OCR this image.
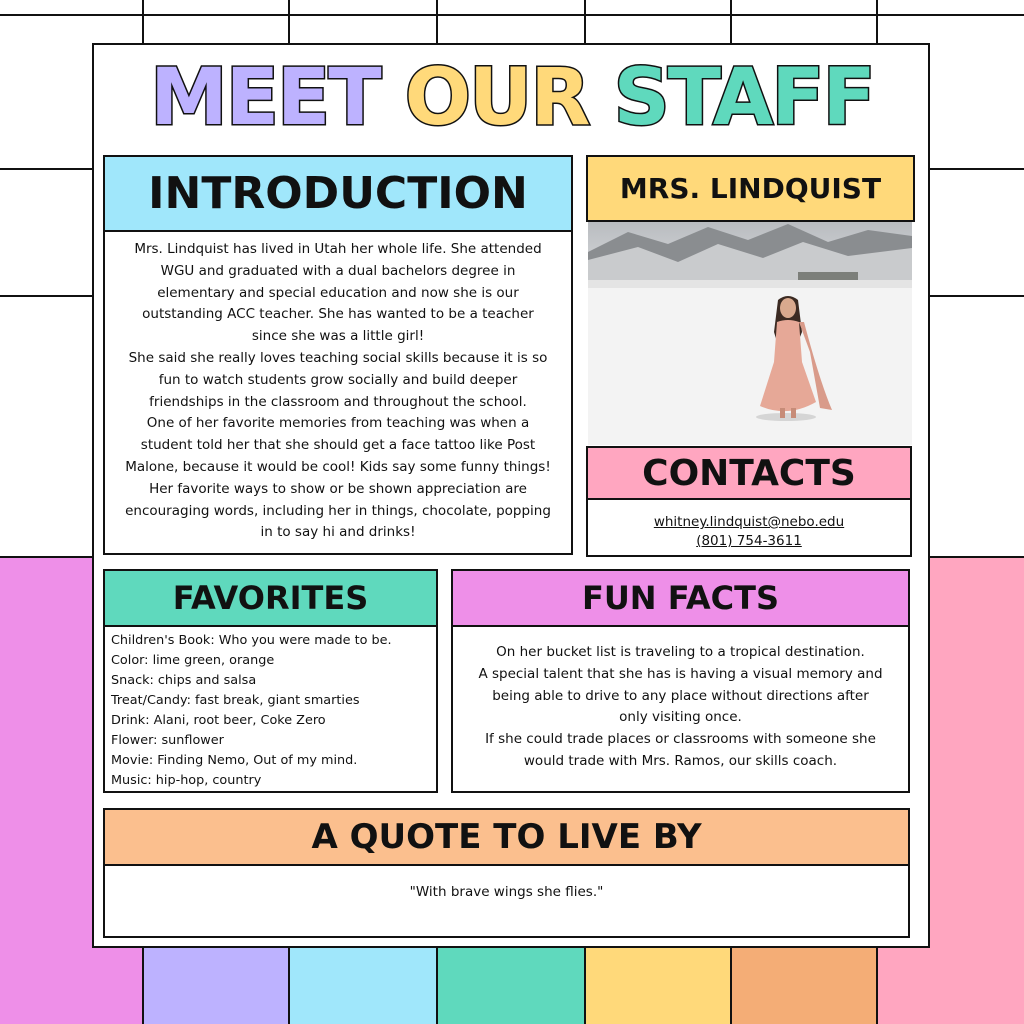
MEET OUR STAFF
INTRODUCTION
Mrs. Lindquist has lived in Utah her whole life. She attended
WGU and graduated with a dual bachelors degree in
elementary and special education and now she is our
outstanding ACC teacher. She has wanted to be a teacher
since she was a little girl!
She said she really loves teaching social skills because it is so
fun to watch students grow socially and build deeper
friendships in the classroom and throughout the school.
One of her favorite memories from teaching was when a
student told her that she should get a face tattoo like Post
Malone, because it would be cool! Kids say some funny things!
Her favorite ways to show or be shown appreciation are
encouraging words, including her in things, chocolate, popping
in to say hi and drinks!
MRS. LINDQUIST
CONTACTS
whitney.lindquist@nebo.edu
(801) 754-3611
FAVORITES
Children's Book: Who you were made to be.
Color: lime green, orange
Snack: chips and salsa
Treat/Candy: fast break, giant smarties
Drink: Alani, root beer, Coke Zero
Flower: sunflower
Movie: Finding Nemo, Out of my mind.
Music: hip-hop, country
FUN FACTS
On her bucket list is traveling to a tropical destination.
A special talent that she has is having a visual memory and
being able to drive to any place without directions after
only visiting once.
If she could trade places or classrooms with someone she
would trade with Mrs. Ramos, our skills coach.
A QUOTE TO LIVE BY
"With brave wings she flies."
